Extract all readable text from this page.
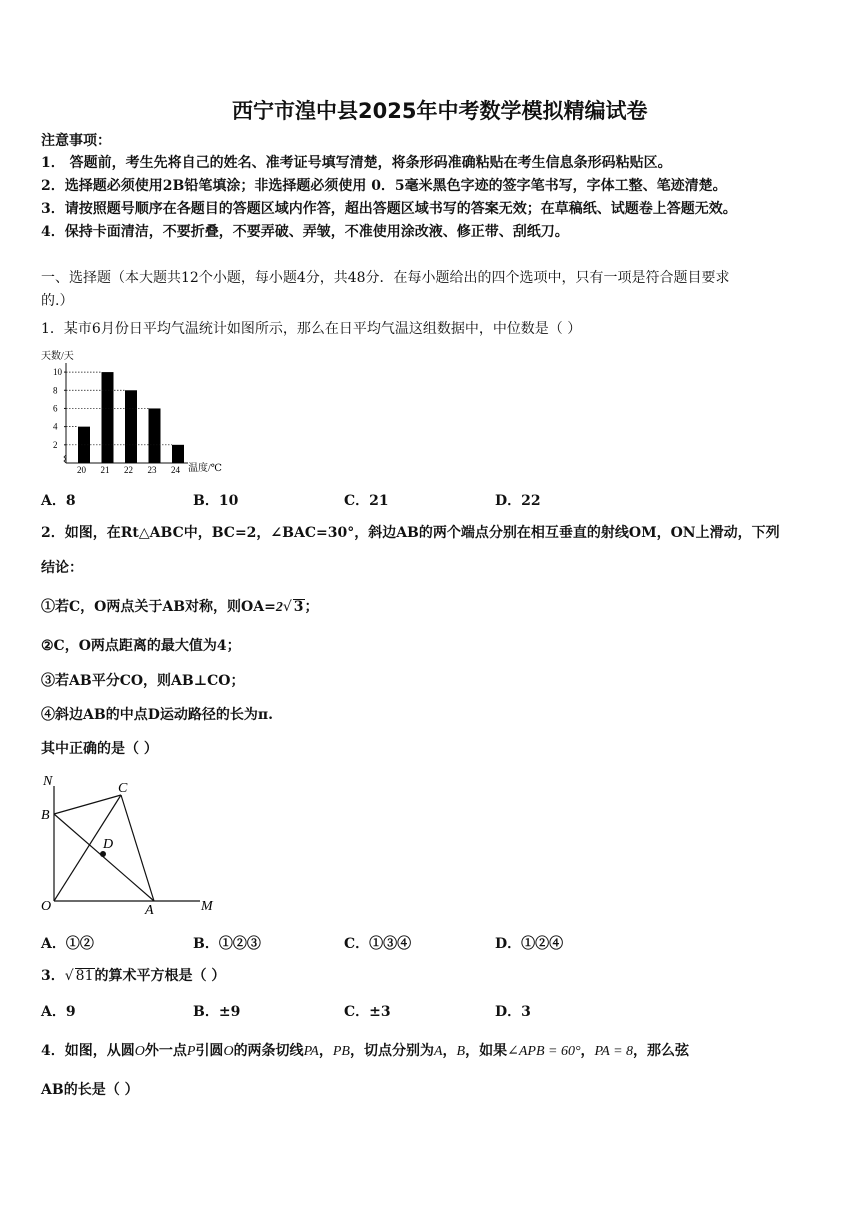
西宁市湟中县2025年中考数学模拟精编试卷
注意事项：
1． 答题前，考生先将自己的姓名、准考证号填写清楚，将条形码准确粘贴在考生信息条形码粘贴区。
2．选择题必须使用2B铅笔填涂；非选择题必须使用 0．5毫米黑色字迹的签字笔书写，字体工整、笔迹清楚。
3．请按照题号顺序在各题目的答题区域内作答，超出答题区域书写的答案无效；在草稿纸、试题卷上答题无效。
4．保持卡面清洁，不要折叠，不要弄破、弄皱，不准使用涂改液、修正带、刮纸刀。
一、选择题（本大题共12个小题，每小题4分，共48分．在每小题给出的四个选项中，只有一项是符合题目要求
的.）
1．某市6月份日平均气温统计如图所示，那么在日平均气温这组数据中，中位数是（ ）
天数/天
2
4
6
8
10
20 21 22 23 24 温度/℃
A．8	B．10	C．21	D．22
2．如图，在Rt△ABC中，BC=2，∠BAC=30°，斜边AB的两个端点分别在相互垂直的射线OM，ON上滑动，下列
结论：
①若C，O两点关于AB对称，则OA=2√ 3；
②C，O两点距离的最大值为4；
③若AB平分CO，则AB⊥CO；
④斜边AB的中点D运动路径的长为π.
其中正确的是（ ）
N
B
C
D
O	A	M
A．①②	B．①②③	C．①③④	D．①②④
3．√ 81的算术平方根是（ ）
A．9	B．±9	C．±3	D．3
4．如图，从圆O外一点P引圆O的两条切线PA，PB，切点分别为A，B，如果∠APB = 60°，PA = 8，那么弦
AB的长是（ ）
